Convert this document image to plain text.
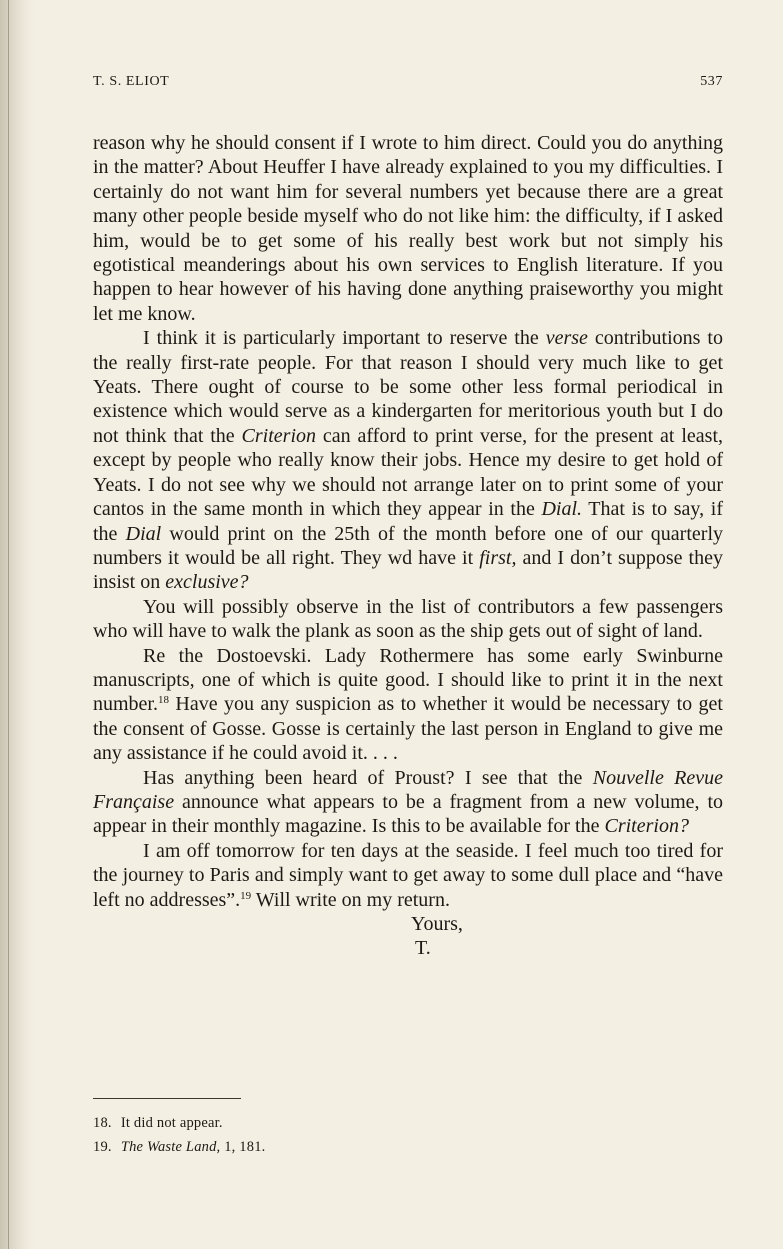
T. S. ELIOT	537

reason why he should consent if I wrote to him direct. Could you do anything in the matter? About Heuffer I have already explained to you my difficulties. I certainly do not want him for several numbers yet because there are a great many other people beside myself who do not like him: the difficulty, if I asked him, would be to get some of his really best work but not simply his egotistical meanderings about his own services to English literature. If you happen to hear however of his having done anything praiseworthy you might let me know.

I think it is particularly important to reserve the verse contributions to the really first-rate people. For that reason I should very much like to get Yeats. There ought of course to be some other less formal periodical in existence which would serve as a kindergarten for meritorious youth but I do not think that the Criterion can afford to print verse, for the present at least, except by people who really know their jobs. Hence my desire to get hold of Yeats. I do not see why we should not arrange later on to print some of your cantos in the same month in which they appear in the Dial. That is to say, if the Dial would print on the 25th of the month before one of our quarterly numbers it would be all right. They wd have it first, and I don’t suppose they insist on exclusive?

You will possibly observe in the list of contributors a few passengers who will have to walk the plank as soon as the ship gets out of sight of land.

Re the Dostoevski. Lady Rothermere has some early Swinburne manuscripts, one of which is quite good. I should like to print it in the next number.$^{18}$ Have you any suspicion as to whether it would be necessary to get the consent of Gosse. Gosse is certainly the last person in England to give me any assistance if he could avoid it. . . .

Has anything been heard of Proust? I see that the Nouvelle Revue Française announce what appears to be a fragment from a new volume, to appear in their monthly magazine. Is this to be available for the Criterion?

I am off tomorrow for ten days at the seaside. I feel much too tired for the journey to Paris and simply want to get away to some dull place and “have left no addresses”.$^{19}$ Will write on my return.

Yours,
T.
18. It did not appear.
19. The Waste Land, 1, 181.
